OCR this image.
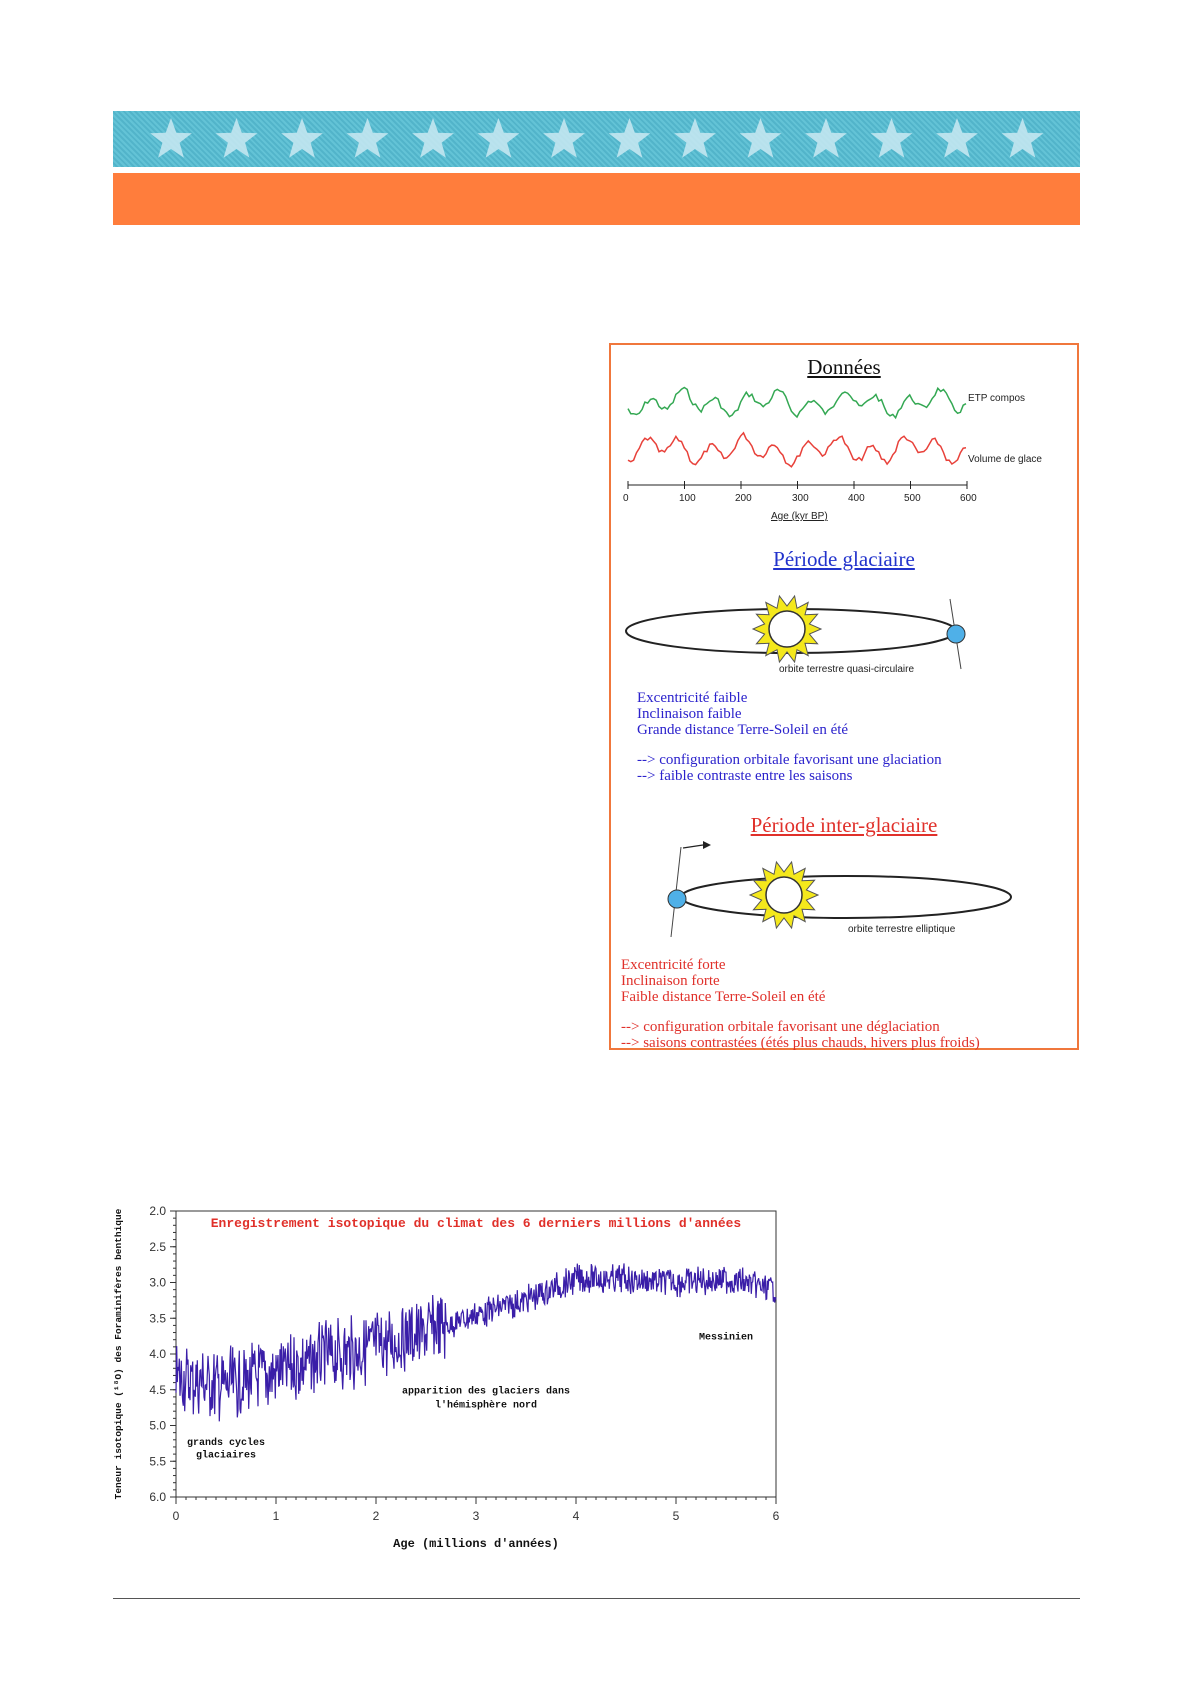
Données
ETP compos
Volume de glace
0	100	200	300	400	500	600
Age (kyr BP)
Période glaciaire
orbite terrestre quasi-circulaire
Excentricité faible
Inclinaison faible
Grande distance Terre-Soleil en été
--> configuration orbitale favorisant une glaciation
--> faible contraste entre les saisons
Période inter-glaciaire
orbite terrestre elliptique
Excentricité forte
Inclinaison forte
Faible distance Terre-Soleil en été
--> configuration orbitale favorisant une déglaciation
--> saisons contrastées (étés plus chauds, hivers plus froids)
2.0
2.5
3.0
3.5
4.0
4.5
5.0
5.5
6.0
0	1	2	3	4	5	6
Enregistrement isotopique du climat des 6 derniers millions d'années
Messinien
apparition des glaciers dans
l'hémisphère nord
grands cycles
glaciaires
Age (millions d'années)
Teneur isotopique (¹⁸O) des Foraminifères benthique
